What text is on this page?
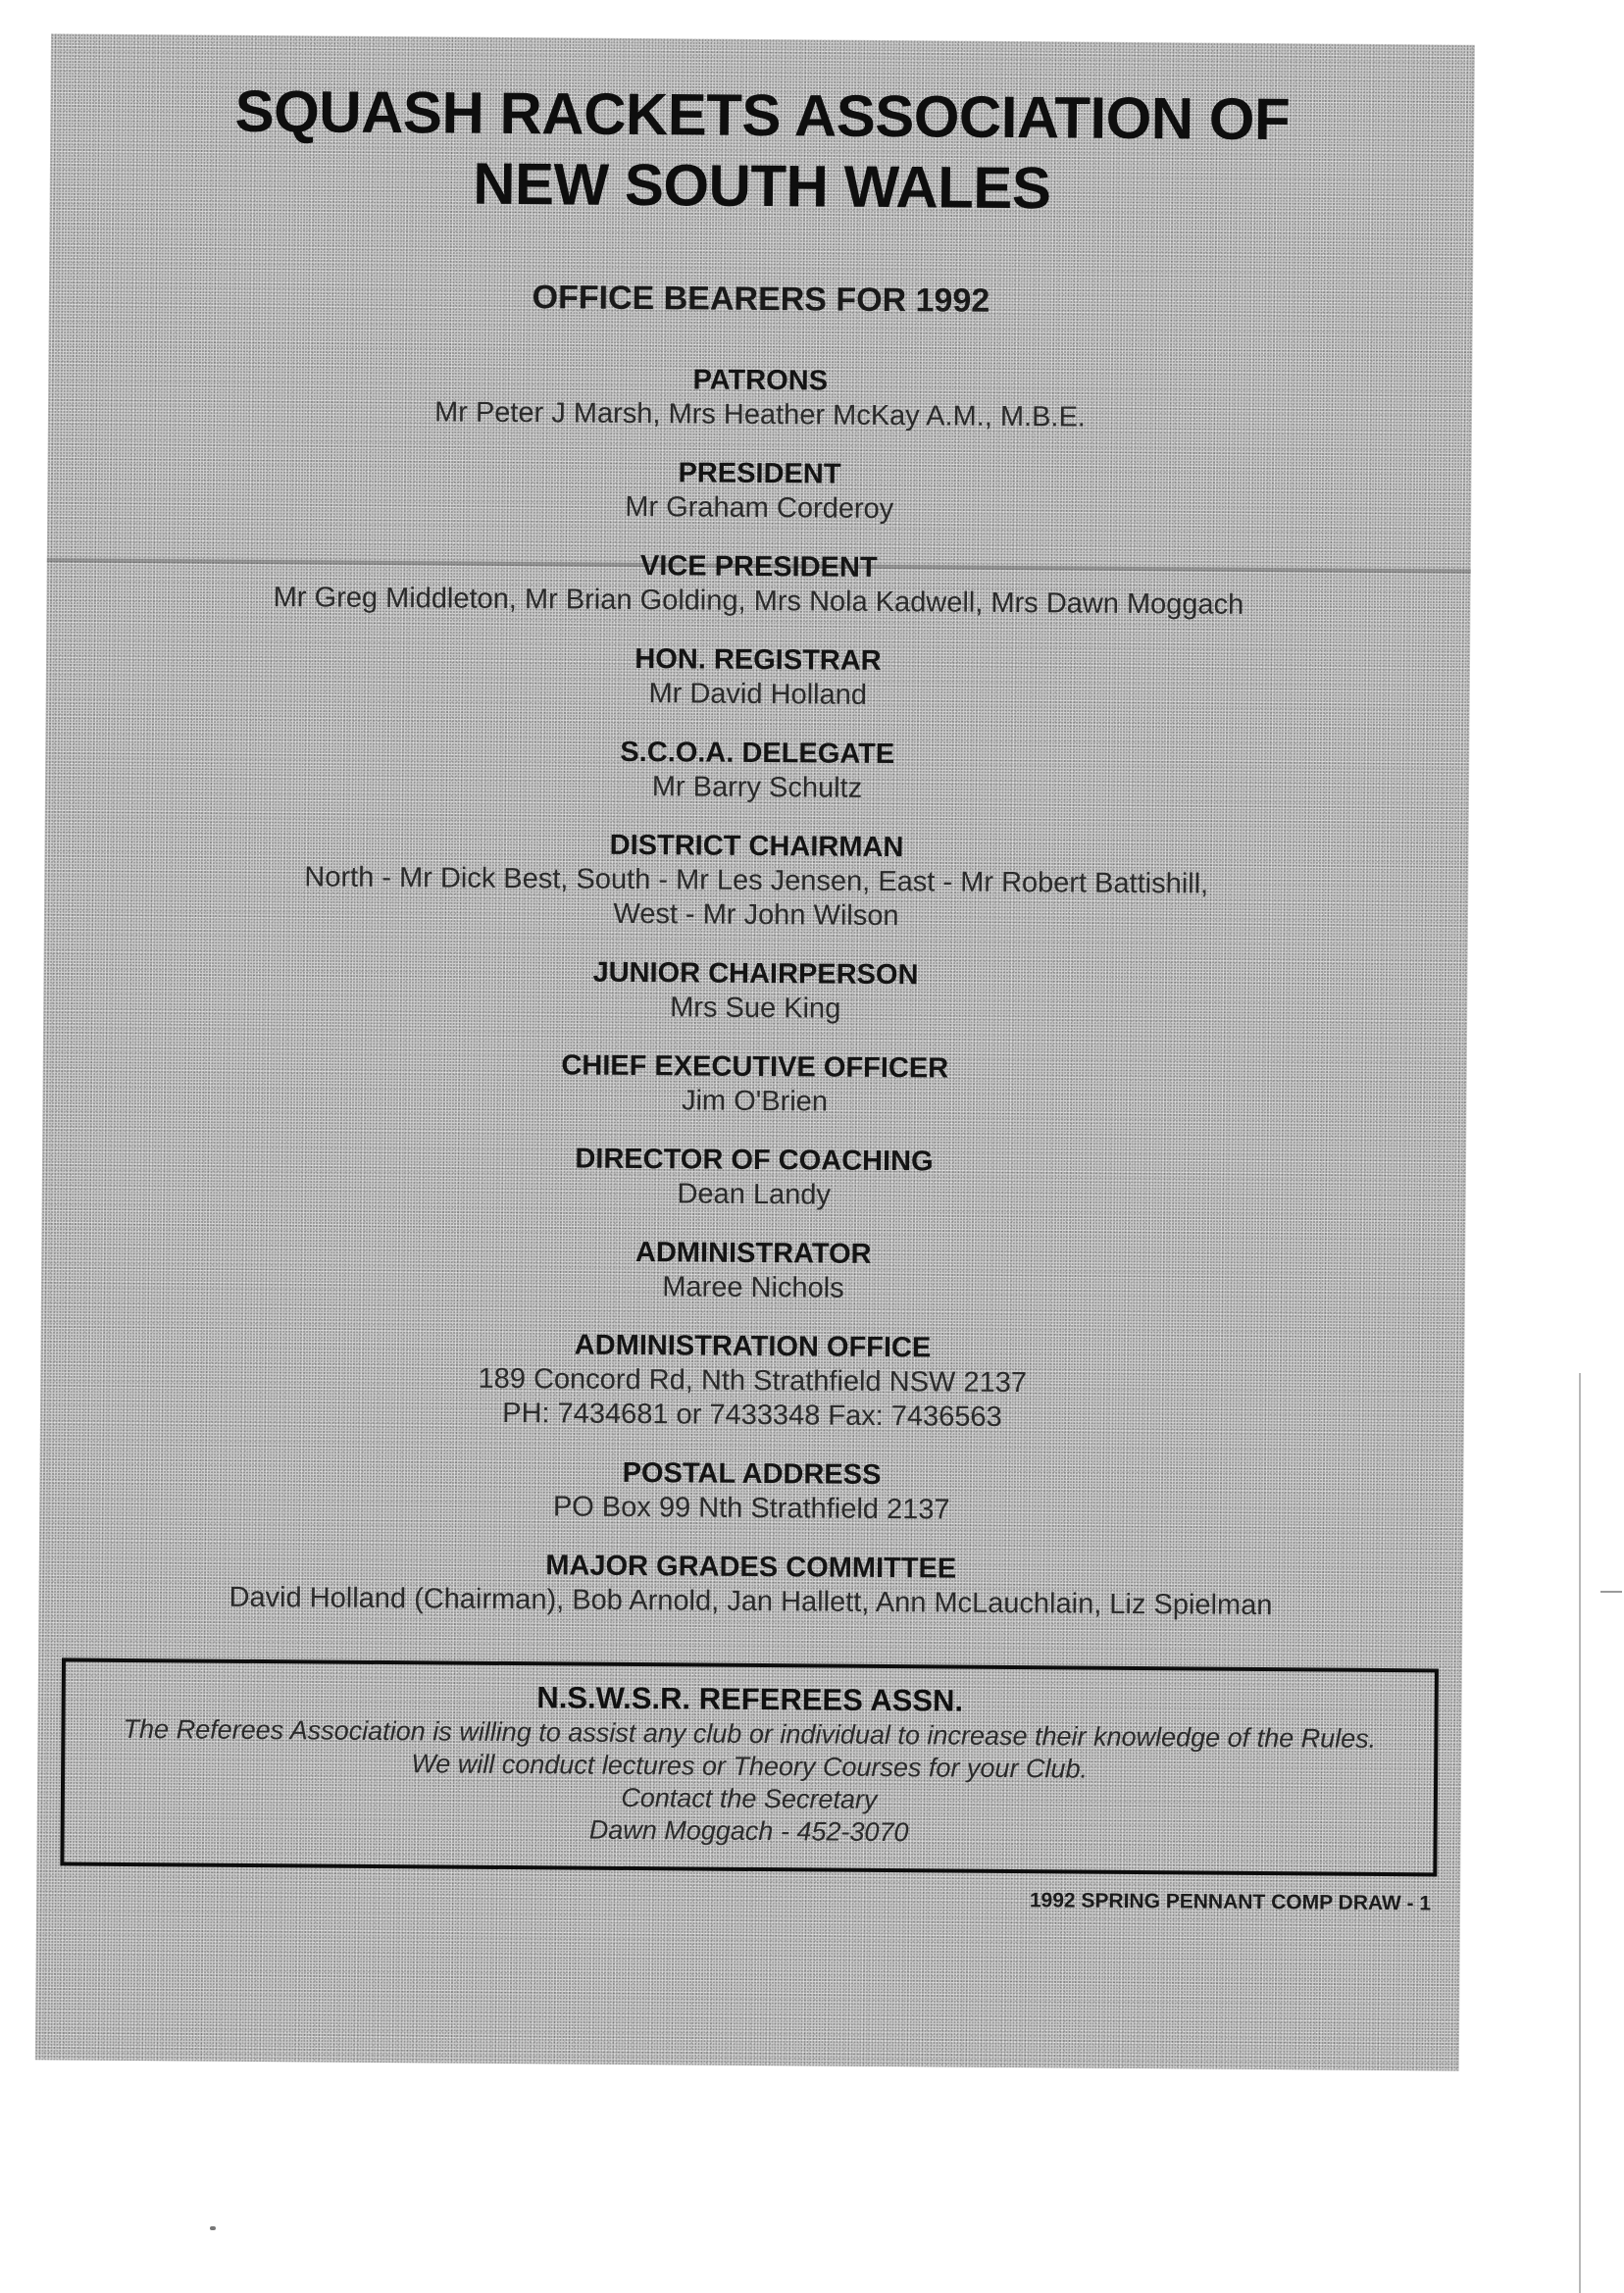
SQUASH RACKETS ASSOCIATION OF
NEW SOUTH WALES
OFFICE BEARERS FOR 1992
PATRONS
Mr Peter J Marsh, Mrs Heather McKay A.M., M.B.E.
PRESIDENT
Mr Graham Corderoy
VICE PRESIDENT
Mr Greg Middleton, Mr Brian Golding, Mrs Nola Kadwell, Mrs Dawn Moggach
HON. REGISTRAR
Mr David Holland
S.C.O.A. DELEGATE
Mr Barry Schultz
DISTRICT CHAIRMAN
North - Mr Dick Best, South - Mr Les Jensen, East - Mr Robert Battishill,
West - Mr John Wilson
JUNIOR CHAIRPERSON
Mrs Sue King
CHIEF EXECUTIVE OFFICER
Jim O'Brien
DIRECTOR OF COACHING
Dean Landy
ADMINISTRATOR
Maree Nichols
ADMINISTRATION OFFICE
189 Concord Rd, Nth Strathfield NSW 2137
PH: 7434681 or 7433348 Fax: 7436563
POSTAL ADDRESS
PO Box 99 Nth Strathfield 2137
MAJOR GRADES COMMITTEE
David Holland (Chairman), Bob Arnold, Jan Hallett, Ann McLauchlain, Liz Spielman
N.S.W.S.R. REFEREES ASSN.
The Referees Association is willing to assist any club or individual to increase their knowledge of the Rules.
We will conduct lectures or Theory Courses for your Club.
Contact the Secretary
Dawn Moggach - 452-3070
1992 SPRING PENNANT COMP DRAW - 1
